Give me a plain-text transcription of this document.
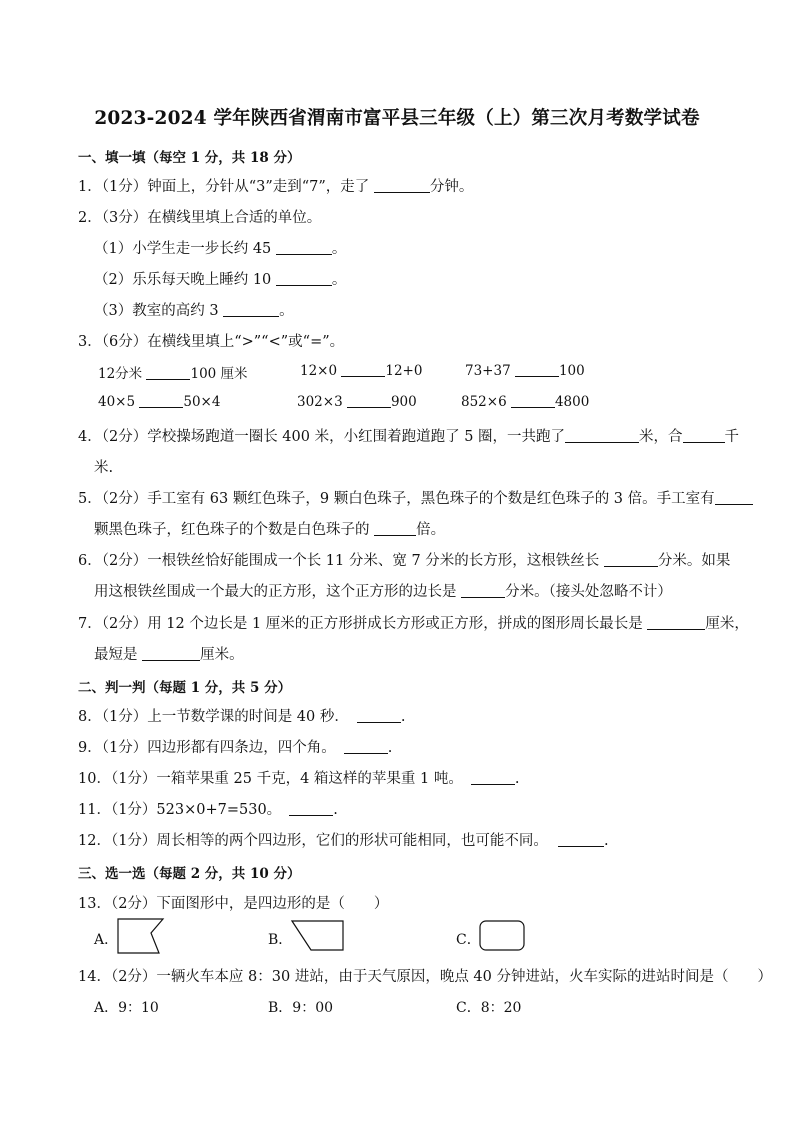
2023-2024 学年陕西省渭南市富平县三年级（上）第三次月考数学试卷
一、填一填（每空 1 分，共 18 分）
1．（1分）钟面上，分针从“3”走到“7”，走了	分钟。
2．（3分）在横线里填上合适的单位。
（1）小学生走一步长约 45	。
（2）乐乐每天晚上睡约 10	。
（3）教室的高约 3	。
3．（6分）在横线里填上“>”“<”或“=”。
12分米	100 厘米	12×0	12+0	73+37	100
40×5	50×4	302×3	900	852×6	4800
4．（2分）学校操场跑道一圈长 400 米，小红围着跑道跑了 5 圈，一共跑了	米，合	千
米.
5．（2分）手工室有 63 颗红色珠子，9 颗白色珠子，黑色珠子的个数是红色珠子的 3 倍。手工室有
颗黑色珠子，红色珠子的个数是白色珠子的	倍。
6．（2分）一根铁丝恰好能围成一个长 11 分米、宽 7 分米的长方形，这根铁丝长	分米。如果
用这根铁丝围成一个最大的正方形，这个正方形的边长是	分米。（接头处忽略不计）
7．（2分）用 12 个边长是 1 厘米的正方形拼成长方形或正方形，拼成的图形周长最长是	厘米，
最短是	厘米。
二、判一判（每题 1 分，共 5 分）
8．（1分）上一节数学课的时间是 40 秒．	.
9．（1分）四边形都有四条边，四个角。	.
10．（1分）一箱苹果重 25 千克，4 箱这样的苹果重 1 吨。	.
11．（1分）523×0+7=530。	.
12．（1分）周长相等的两个四边形，它们的形状可能相同，也可能不同。	.
三、选一选（每题 2 分，共 10 分）
13．（2分）下面图形中，是四边形的是（　　）
A．	B．	C．
14．（2分）一辆火车本应 8：30 进站，由于天气原因，晚点 40 分钟进站，火车实际的进站时间是（　　）
A．9：10	B．9：00	C．8：20
